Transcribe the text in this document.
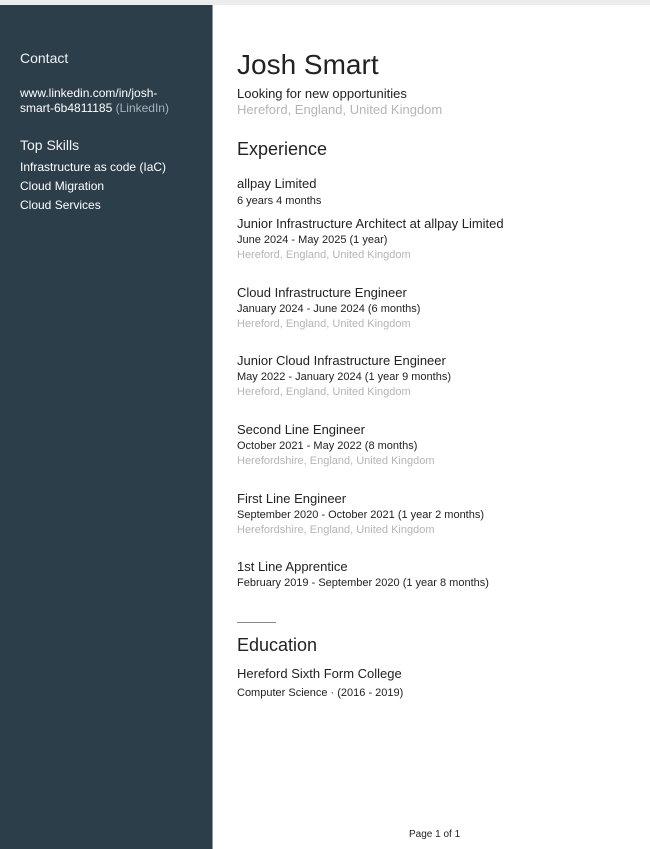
Contact
www.linkedin.com/in/josh-
smart-6b4811185 (LinkedIn)
Top Skills
Infrastructure as code (IaC)
Cloud Migration
Cloud Services
Josh Smart
Looking for new opportunities
Hereford, England, United Kingdom
Experience
allpay Limited
6 years 4 months
Junior Infrastructure Architect at allpay Limited
June 2024 - May 2025 (1 year)
Hereford, England, United Kingdom
Cloud Infrastructure Engineer
January 2024 - June 2024 (6 months)
Hereford, England, United Kingdom
Junior Cloud Infrastructure Engineer
May 2022 - January 2024 (1 year 9 months)
Hereford, England, United Kingdom
Second Line Engineer
October 2021 - May 2022 (8 months)
Herefordshire, England, United Kingdom
First Line Engineer
September 2020 - October 2021 (1 year 2 months)
Herefordshire, England, United Kingdom
1st Line Apprentice
February 2019 - September 2020 (1 year 8 months)
Education
Hereford Sixth Form College
Computer Science · (2016 - 2019)
Page 1 of 1
